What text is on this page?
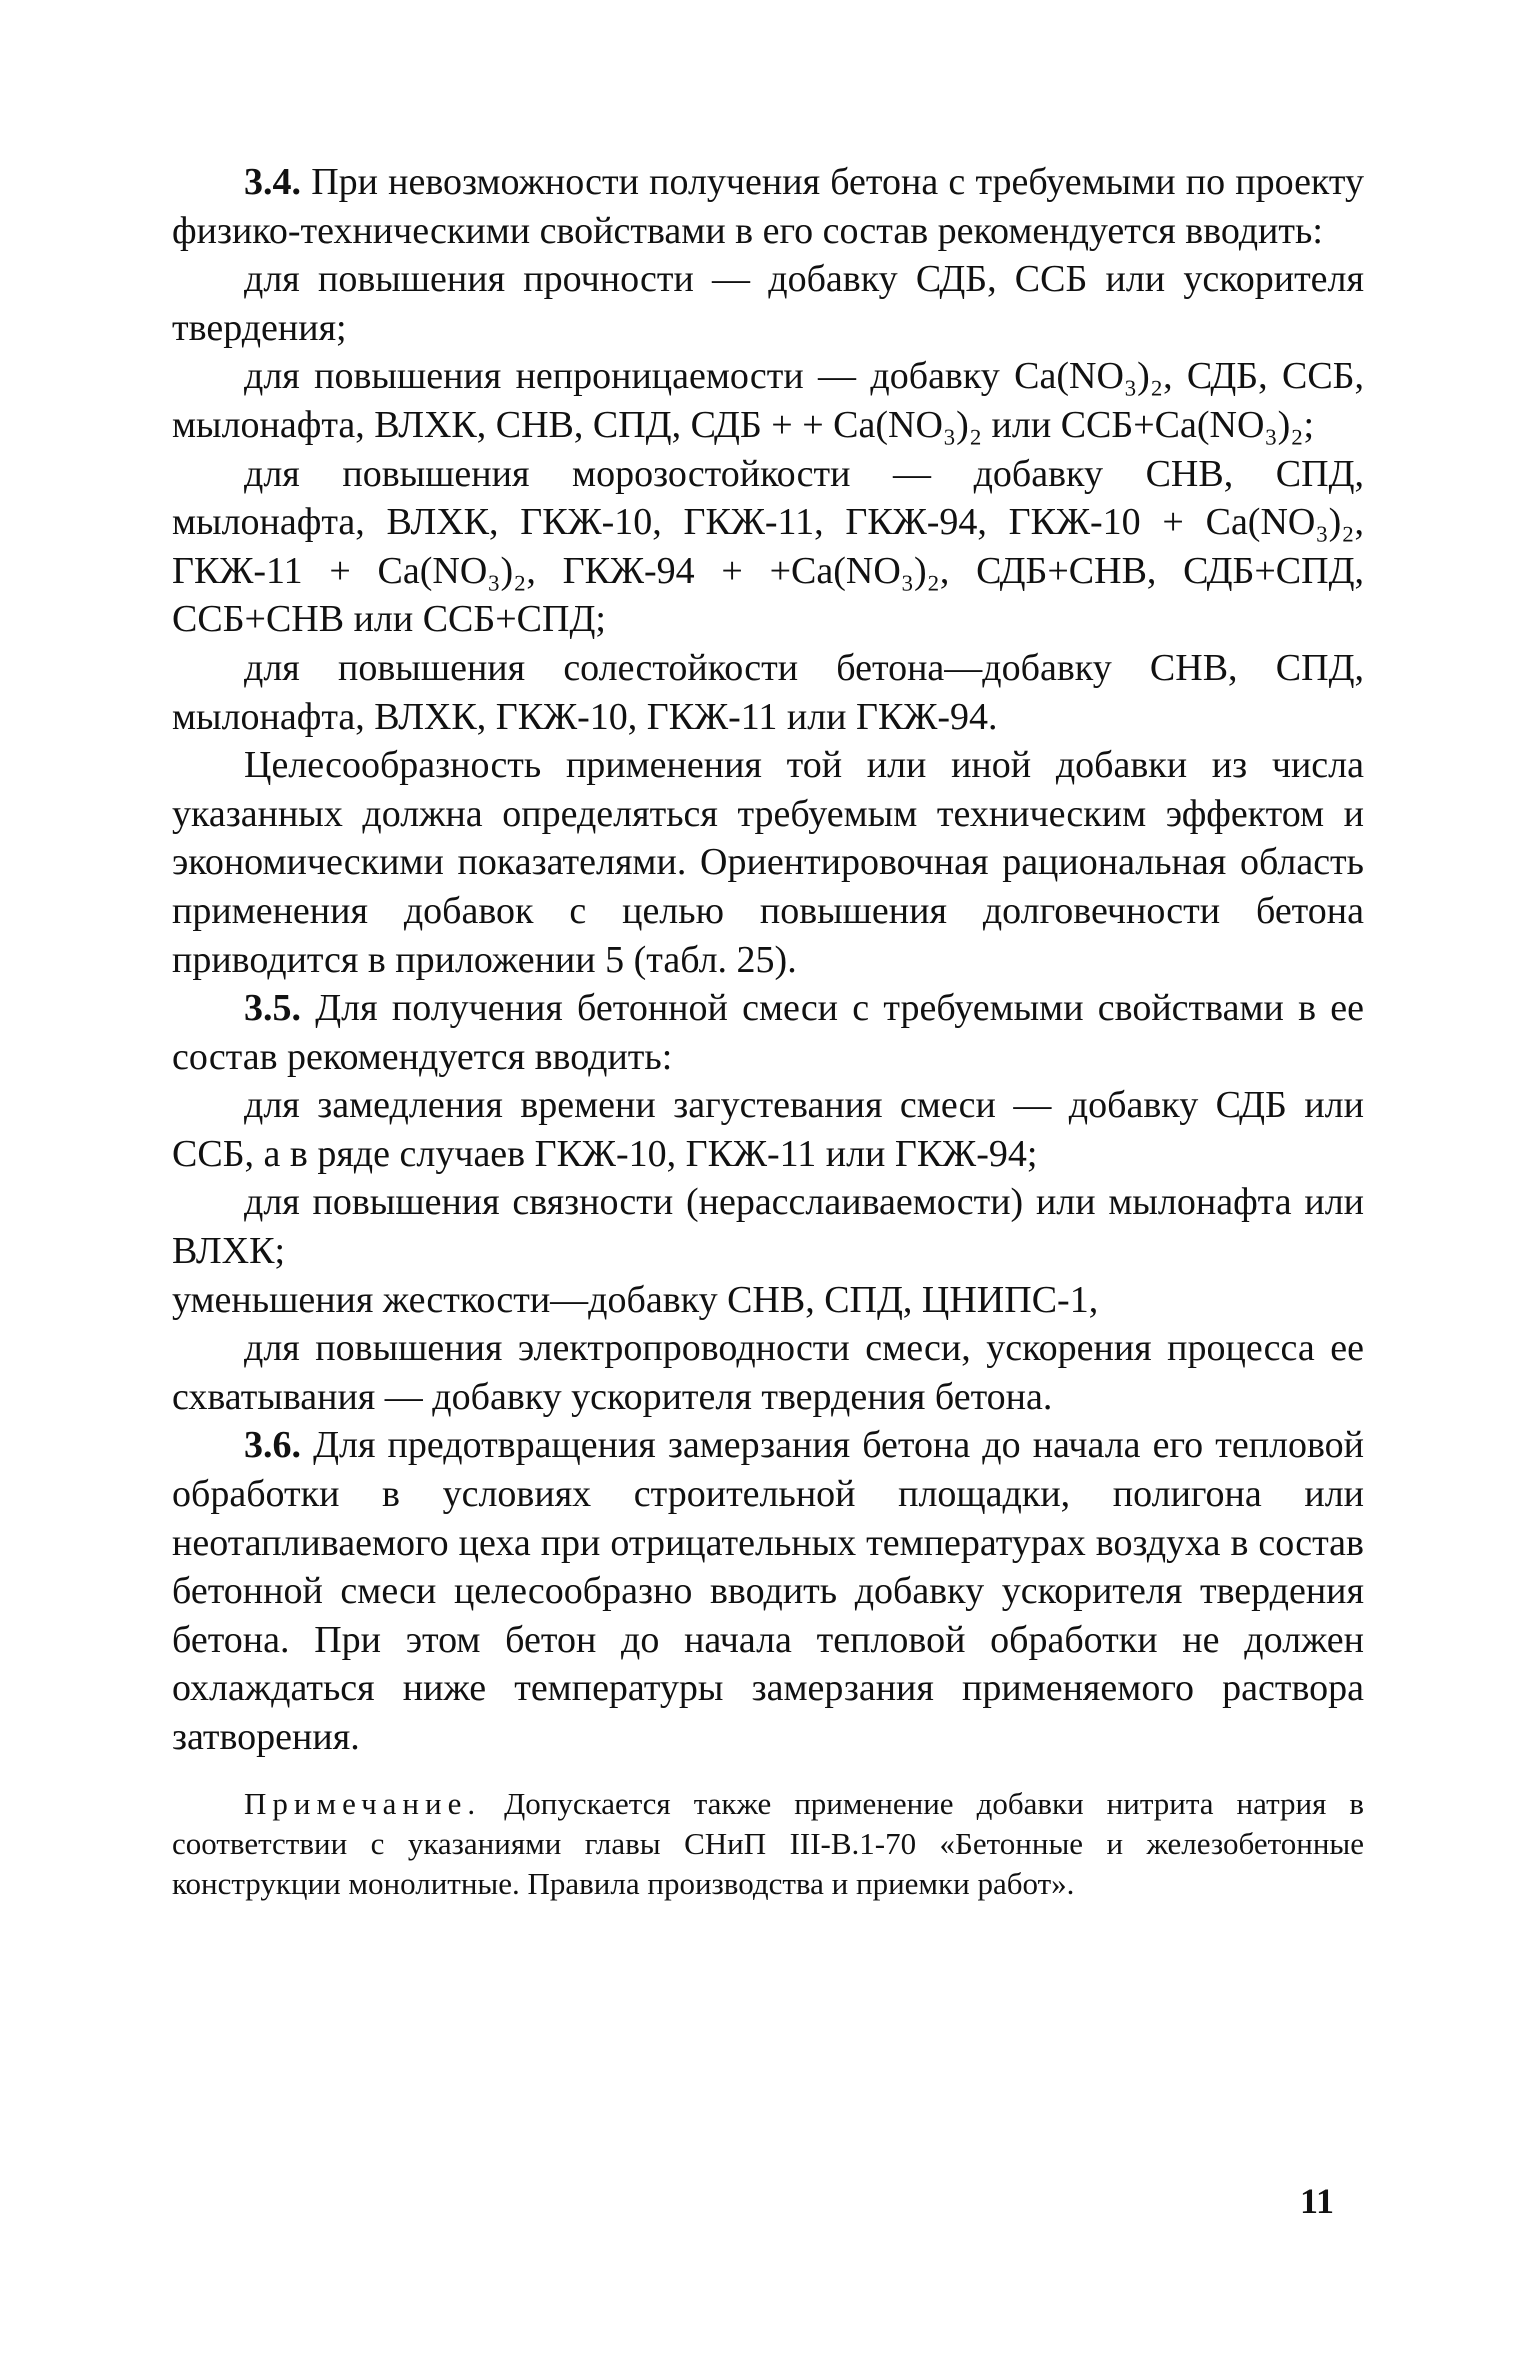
3.4. При невозможности получения бетона с требуемыми по проекту физико-техническими свойствами в его состав рекомендуется вводить:

для повышения прочности — добавку СДБ, ССБ или ускорителя твердения;

для повышения непроницаемости — добавку Ca(NO₃)₂, СДБ, ССБ, мылонафта, ВЛХК, СНВ, СПД, СДБ + + Ca(NO₃)₂ или ССБ+Ca(NO₃)₂;

для повышения морозостойкости — добавку СНВ, СПД, мылонафта, ВЛХК, ГКЖ-10, ГКЖ-11, ГКЖ-94, ГКЖ-10 + Ca(NO₃)₂, ГКЖ-11 + Ca(NO₃)₂, ГКЖ-94 + +Ca(NO₃)₂, СДБ+СНВ, СДБ+СПД, ССБ+СНВ или ССБ+СПД;

для повышения солестойкости бетона—добавку СНВ, СПД, мылонафта, ВЛХК, ГКЖ-10, ГКЖ-11 или ГКЖ-94.

Целесообразность применения той или иной добавки из числа указанных должна определяться требуемым техническим эффектом и экономическими показателями. Ориентировочная рациональная область применения добавок с целью повышения долговечности бетона приводится в приложении 5 (табл. 25).

3.5. Для получения бетонной смеси с требуемыми свойствами в ее состав рекомендуется вводить:

для замедления времени загустевания смеси — добавку СДБ или ССБ, а в ряде случаев ГКЖ-10, ГКЖ-11 или ГКЖ-94;

для повышения связности (нерасслаиваемости) или мылонафта или ВЛХК;

уменьшения жесткости—добавку СНВ, СПД, ЦНИПС-1,

для повышения электропроводности смеси, ускорения процесса ее схватывания — добавку ускорителя твердения бетона.

3.6. Для предотвращения замерзания бетона до начала его тепловой обработки в условиях строительной площадки, полигона или неотапливаемого цеха при отрицательных температурах воздуха в состав бетонной смеси целесообразно вводить добавку ускорителя твердения бетона. При этом бетон до начала тепловой обработки не должен охлаждаться ниже температуры замерзания применяемого раствора затворения.

Примечание. Допускается также применение добавки нитрита натрия в соответствии с указаниями главы СНиП III-В.1-70 «Бетонные и железобетонные конструкции монолитные. Правила производства и приемки работ».

11
